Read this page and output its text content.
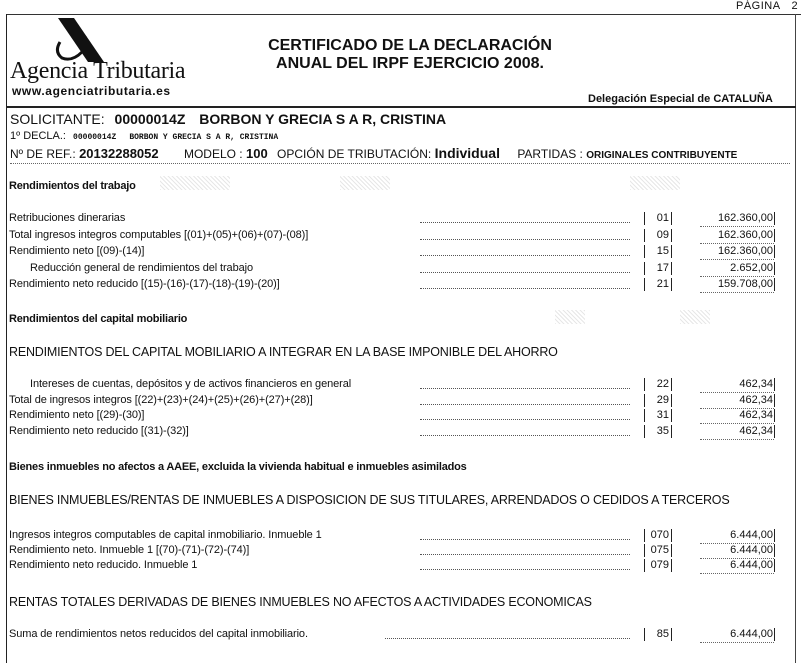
PÁGINA 2
Agencia Tributaria
www.agenciatributaria.es
CERTIFICADO DE LA DECLARACIÓN
ANUAL DEL IRPF EJERCICIO 2008.
Delegación Especial de CATALUÑA
SOLICITANTE: 00000014Z BORBON Y GRECIA S A R, CRISTINA
1º DECLA.: 00000014Z BORBON Y GRECIA S A R, CRISTINA
Nº DE REF.: 20132288052 MODELO : 100 OPCIÓN DE TRIBUTACIÓN: Individual PARTIDAS : ORIGINALES CONTRIBUYENTE
Rendimientos del trabajo
Retribuciones dinerarias	01	162.360,00
Total ingresos integros computables [(01)+(05)+(06)+(07)-(08)]	09	162.360,00
Rendimiento neto [(09)-(14)]	15	162.360,00
Reducción general de rendimientos del trabajo	17	2.652,00
Rendimiento neto reducido [(15)-(16)-(17)-(18)-(19)-(20)]	21	159.708,00
Rendimientos del capital mobiliario
RENDIMIENTOS DEL CAPITAL MOBILIARIO A INTEGRAR EN LA BASE IMPONIBLE DEL AHORRO
Intereses de cuentas, depósitos y de activos financieros en general	22	462,34
Total de ingresos integros [(22)+(23)+(24)+(25)+(26)+(27)+(28)]	29	462,34
Rendimiento neto [(29)-(30)]	31	462,34
Rendimiento neto reducido [(31)-(32)]	35	462,34
Bienes inmuebles no afectos a AAEE, excluida la vivienda habitual e inmuebles asimilados
BIENES INMUEBLES/RENTAS DE INMUEBLES A DISPOSICION DE SUS TITULARES, ARRENDADOS O CEDIDOS A TERCEROS
Ingresos integros computables de capital inmobiliario. Inmueble 1	070	6.444,00
Rendimiento neto. Inmueble 1 [(70)-(71)-(72)-(74)]	075	6.444,00
Rendimiento neto reducido. Inmueble 1	079	6.444,00
RENTAS TOTALES DERIVADAS DE BIENES INMUEBLES NO AFECTOS A ACTIVIDADES ECONOMICAS
Suma de rendimientos netos reducidos del capital inmobiliario.	85	6.444,00
